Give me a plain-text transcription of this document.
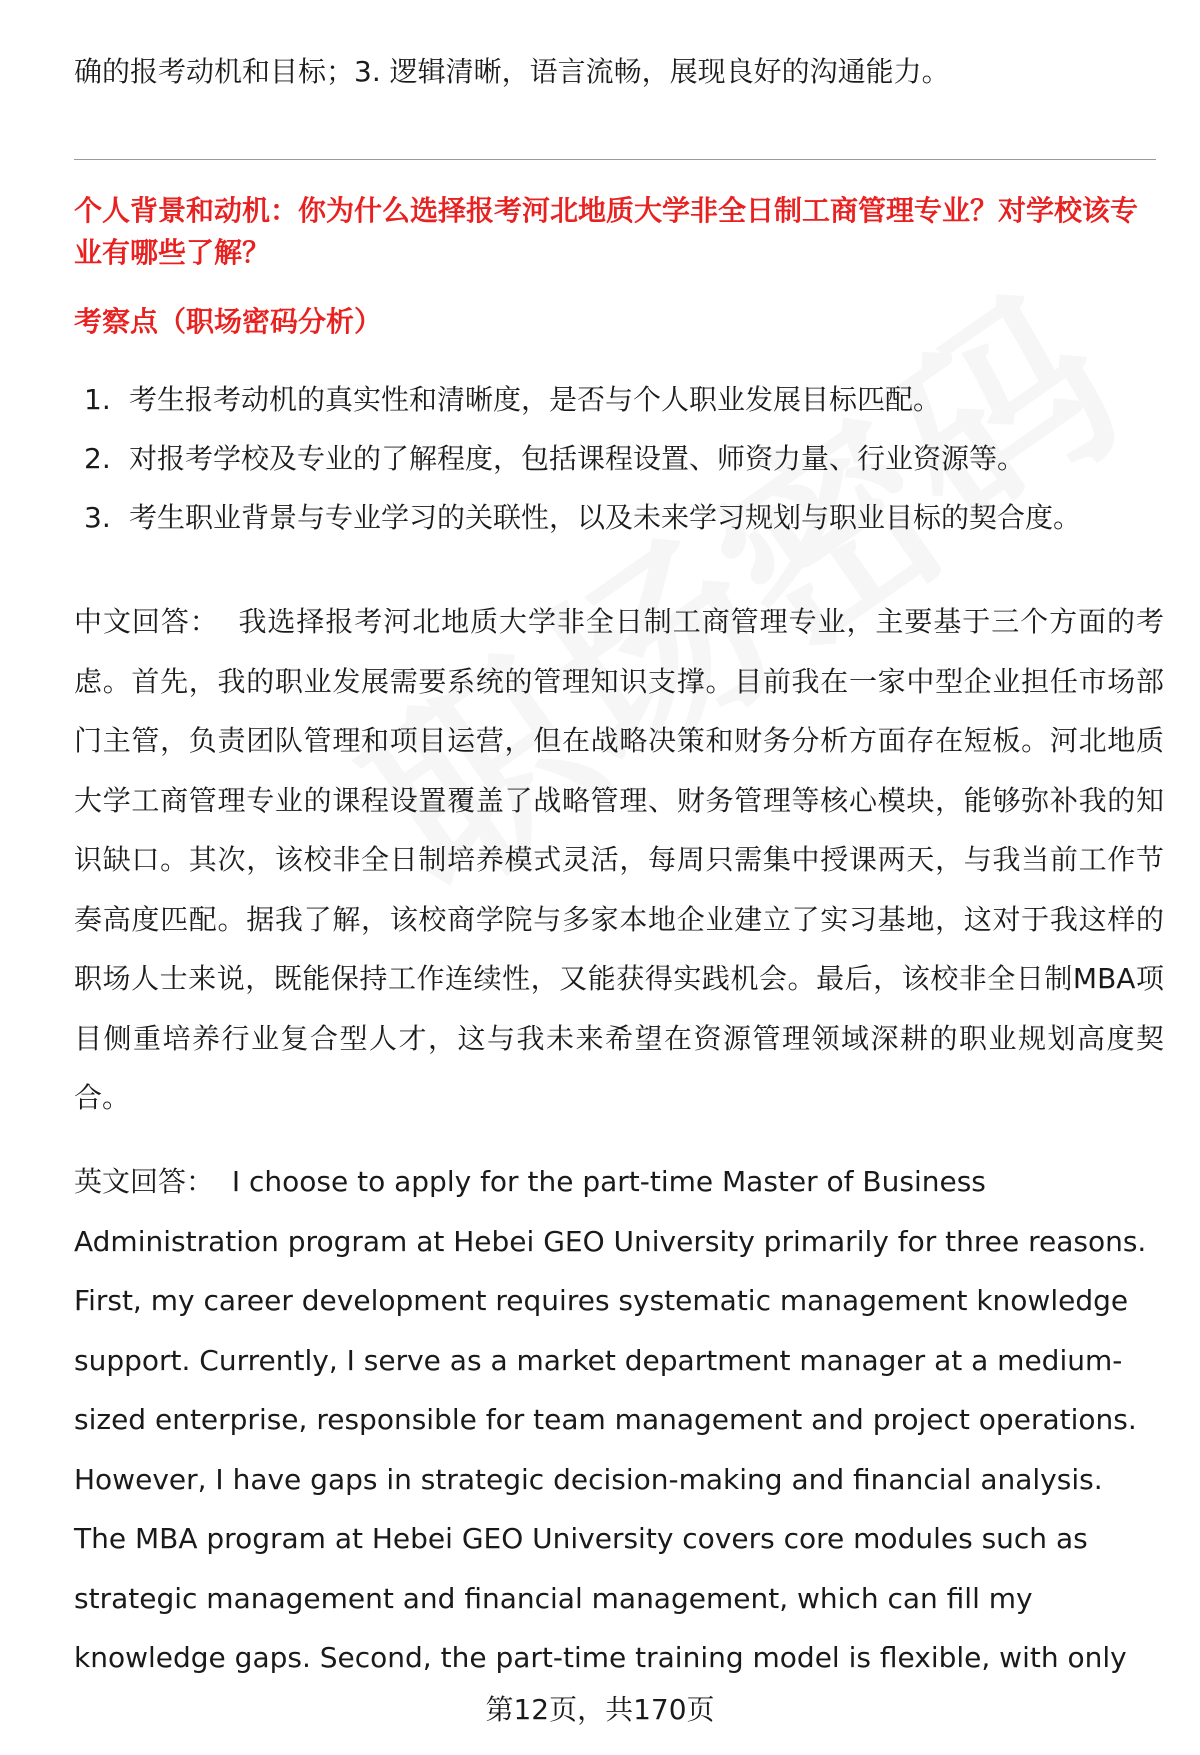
确的报考动机和目标；3. 逻辑清晰，语言流畅，展现良好的沟通能力。
个人背景和动机：你为什么选择报考河北地质大学非全日制工商管理专业？对学校该专业有哪些了解？
考察点（职场密码分析）
1. 考生报考动机的真实性和清晰度，是否与个人职业发展目标匹配。
2. 对报考学校及专业的了解程度，包括课程设置、师资力量、行业资源等。
3. 考生职业背景与专业学习的关联性，以及未来学习规划与职业目标的契合度。

中文回答： 我选择报考河北地质大学非全日制工商管理专业，主要基于三个方面的考虑。首先，我的职业发展需要系统的管理知识支撑。目前我在一家中型企业担任市场部门主管，负责团队管理和项目运营，但在战略决策和财务分析方面存在短板。河北地质大学工商管理专业的课程设置覆盖了战略管理、财务管理等核心模块，能够弥补我的知识缺口。其次，该校非全日制培养模式灵活，每周只需集中授课两天，与我当前工作节奏高度匹配。据我了解，该校商学院与多家本地企业建立了实习基地，这对于我这样的职场人士来说，既能保持工作连续性，又能获得实践机会。最后，该校非全日制MBA项目侧重培养行业复合型人才，这与我未来希望在资源管理领域深耕的职业规划高度契合。

英文回答： I choose to apply for the part-time Master of Business Administration program at Hebei GEO University primarily for three reasons. First, my career development requires systematic management knowledge support. Currently, I serve as a market department manager at a medium-sized enterprise, responsible for team management and project operations. However, I have gaps in strategic decision-making and financial analysis. The MBA program at Hebei GEO University covers core modules such as strategic management and financial management, which can fill my knowledge gaps. Second, the part-time training model is flexible, with only

第12页，共170页
